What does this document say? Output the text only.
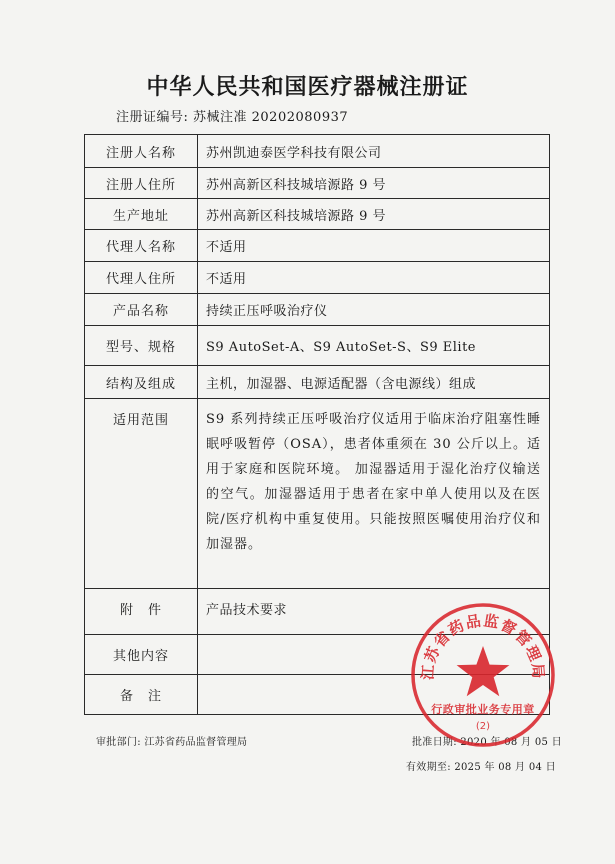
中华人民共和国医疗器械注册证
注册证编号: 苏械注准 20202080937
注册人名称	苏州凯迪泰医学科技有限公司
注册人住所	苏州高新区科技城培源路 9 号
生产地址	苏州高新区科技城培源路 9 号
代理人名称	不适用
代理人住所	不适用
产品名称	持续正压呼吸治疗仪
型号、规格	S9 AutoSet-A、S9 AutoSet-S、S9 Elite
结构及组成	主机，加湿器、电源适配器（含电源线）组成
适用范围	S9 系列持续正压呼吸治疗仪适用于临床治疗阻塞性睡眠呼吸暂停（OSA），患者体重须在 30 公斤以上。适用于家庭和医院环境。 加湿器适用于湿化治疗仪输送的空气。加湿器适用于患者在家中单人使用以及在医院/医疗机构中重复使用。只能按照医嘱使用治疗仪和加湿器。
附　件	产品技术要求
其他内容	
备　注	
审批部门: 江苏省药品监督管理局	批准日期: 2020 年 08 月 05 日
有效期至: 2025 年 08 月 04 日
江苏省药品监督管理局
行政审批业务专用章
(2)
